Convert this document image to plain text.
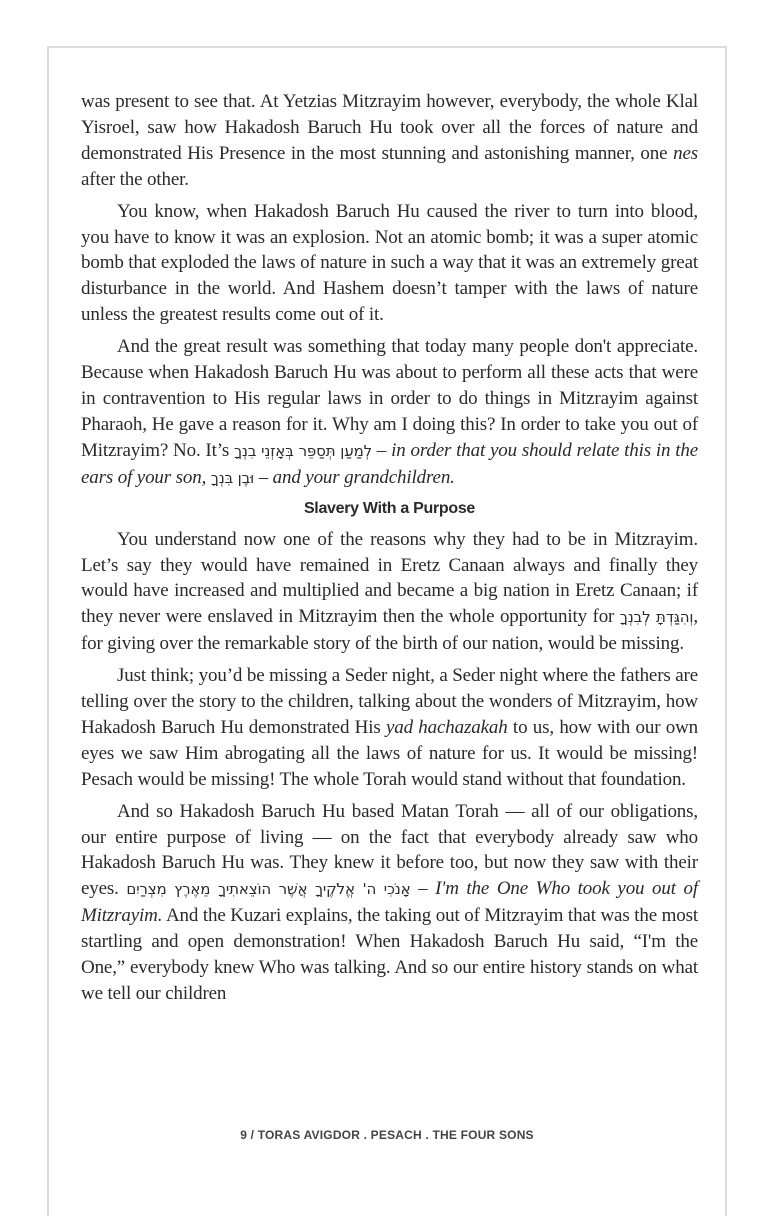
was present to see that. At Yetzias Mitzrayim however, everybody, the whole Klal Yisroel, saw how Hakadosh Baruch Hu took over all the forces of nature and demonstrated His Presence in the most stunning and astonishing manner, one nes after the other.

You know, when Hakadosh Baruch Hu caused the river to turn into blood, you have to know it was an explosion. Not an atomic bomb; it was a super atomic bomb that exploded the laws of nature in such a way that it was an extremely great disturbance in the world. And Hashem doesn’t tamper with the laws of nature unless the greatest results come out of it.

And the great result was something that today many people don't appreciate. Because when Hakadosh Baruch Hu was about to perform all these acts that were in contravention to His regular laws in order to do things in Mitzrayim against Pharaoh, He gave a reason for it. Why am I doing this? In order to take you out of Mitzrayim? No. It’s לְמַעַן תְּסַפֵּר בְּאָזְנֵי בִנְךָ – in order that you should relate this in the ears of your son, וּבֶן בִּנְךָ – and your grandchildren.

Slavery With a Purpose

You understand now one of the reasons why they had to be in Mitzrayim. Let’s say they would have remained in Eretz Canaan always and finally they would have increased and multiplied and became a big nation in Eretz Canaan; if they never were enslaved in Mitzrayim then the whole opportunity for וְהִגַּדְתָּ לְבִנְךָ, for giving over the remarkable story of the birth of our nation, would be missing.

Just think; you’d be missing a Seder night, a Seder night where the fathers are telling over the story to the children, talking about the wonders of Mitzrayim, how Hakadosh Baruch Hu demonstrated His yad hachazakah to us, how with our own eyes we saw Him abrogating all the laws of nature for us. It would be missing! Pesach would be missing! The whole Torah would stand without that foundation.

And so Hakadosh Baruch Hu based Matan Torah — all of our obligations, our entire purpose of living — on the fact that everybody already saw who Hakadosh Baruch Hu was. They knew it before too, but now they saw with their eyes. אָנֹכִי ה' אֱלֹקֶיךָ אֲשֶׁר הוֹצֵאתִיךָ מֵאֶרֶץ מִצְרַיִם – I'm the One Who took you out of Mitzrayim. And the Kuzari explains, the taking out of Mitzrayim that was the most startling and open demonstration! When Hakadosh Baruch Hu said, “I'm the One,” everybody knew Who was talking. And so our entire history stands on what we tell our children

9 / TORAS AVIGDOR . PESACH . THE FOUR SONS
